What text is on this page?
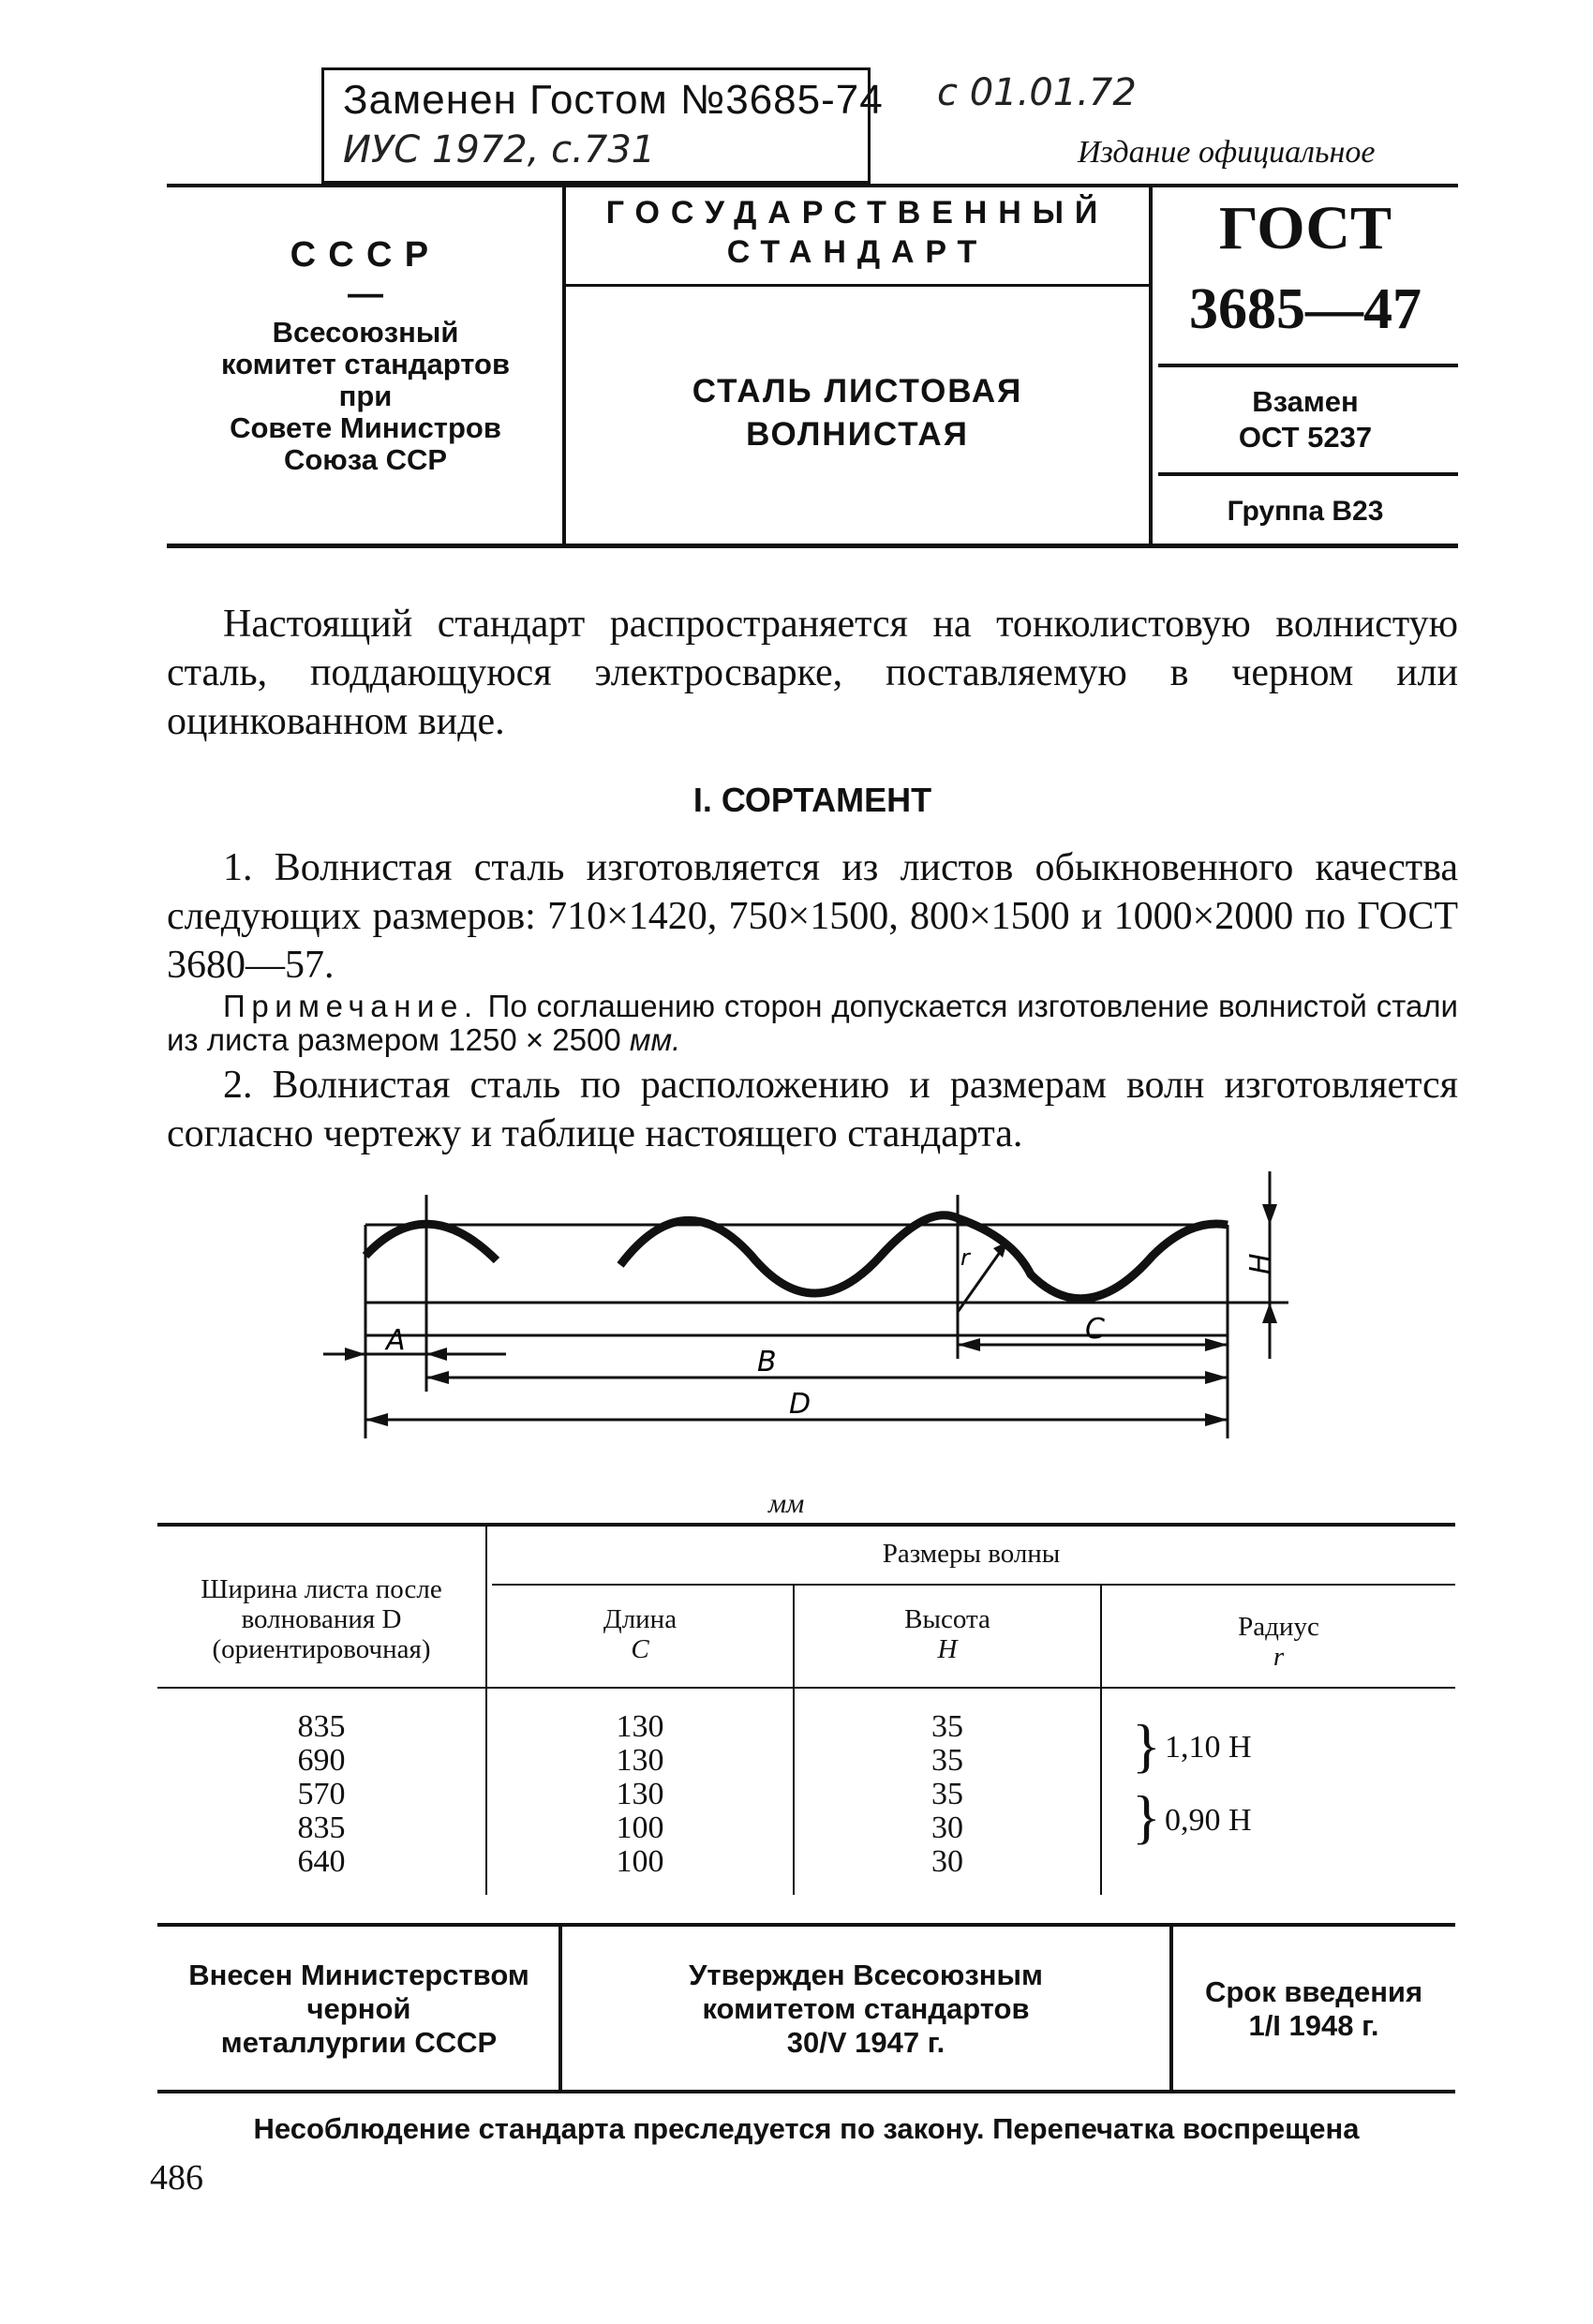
Заменен Гостом №3685-74
ИУС 1972, с.731
с 01.01.72
Издание официальное
СССР
—
Всесоюзный
комитет стандартов
при
Совете Министров
Союза ССР
ГОСУДАРСТВЕННЫЙ
СТАНДАРТ
СТАЛЬ ЛИСТОВАЯ
ВОЛНИСТАЯ
ГОСТ
3685—47
Взамен
ОСТ 5237
Группа В23
Настоящий стандарт распространяется на тонколистовую волнистую сталь, поддающуюся электросварке, поставляемую в черном или оцинкованном виде.
I. СОРТАМЕНТ
1. Волнистая сталь изготовляется из листов обыкновенного качества следующих размеров: 710×1420, 750×1500, 800×1500 и 1000×2000 по ГОСТ 3680—57.
Примечание. По соглашению сторон допускается изготовление волнистой стали из листа размером 1250 × 2500 мм.
2. Волнистая сталь по расположению и размерам волн изготовляется согласно чертежу и таблице настоящего стандарта.
A
B
C
D
H
r
мм
Ширина листа после
волнования D
(ориентировочная)
Размеры волны
Длина
C
Высота
H
Радиус
r
835
690
570
835
640
130
130
130
100
100
35
35
35
30
30
} 1,10 H
} 0,90 H
Внесен Министерством
черной
металлургии СССР
Утвержден Всесоюзным
комитетом стандартов
30/V 1947 г.
Срок введения
1/I 1948 г.
Несоблюдение стандарта преследуется по закону. Перепечатка воспрещена
486
